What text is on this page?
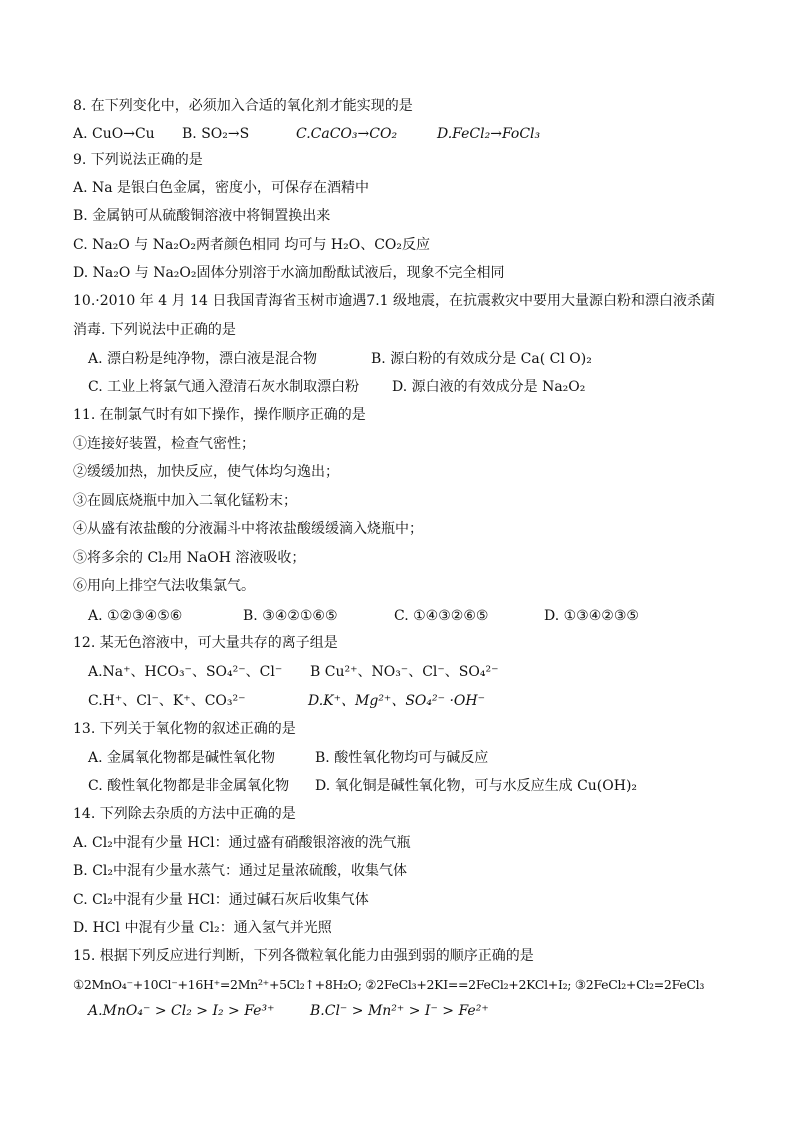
8. 在下列变化中，必须加入合适的氧化剂才能实现的是
A. CuO→Cu B. SO₂→S	C.CaCO₃→CO₂	D.FeCl₂→FoCl₃
9. 下列说法正确的是
A. Na 是银白色金属，密度小，可保存在酒精中
B. 金属钠可从硫酸铜溶液中将铜置换出来
C. Na₂O 与 Na₂O₂两者颜色相同 均可与 H₂O、CO₂反应
D. Na₂O 与 Na₂O₂固体分别溶于水滴加酚酞试液后，现象不完全相同
10.·2010 年 4 月 14 日我国青海省玉树市逾遇7.1 级地震，在抗震救灾中要用大量源白粉和漂白液杀菌
消毒. 下列说法中正确的是
A. 漂白粉是纯净物，漂白液是混合物	B. 源白粉的有效成分是 Ca( Cl O)₂
C. 工业上将氯气通入澄清石灰水制取漂白粉 D. 源白液的有效成分是 Na₂O₂
11. 在制氯气时有如下操作，操作顺序正确的是
①连接好装置，检查气密性；
②缓缓加热，加快反应，使气体均匀逸出；
③在圆底烧瓶中加入二氧化锰粉末；
④从盛有浓盐酸的分液漏斗中将浓盐酸缓缓滴入烧瓶中；
⑤将多余的 Cl₂用 NaOH 溶液吸收；
⑥用向上排空气法收集氯气。
A. ①②③④⑤⑥	B. ③④②①⑥⑤	C. ①④③②⑥⑤	D. ①③④②③⑤
12. 某无色溶液中，可大量共存的离子组是
A.Na⁺、HCO₃⁻、SO₄²⁻、Cl⁻ B Cu²⁺、NO₃⁻、Cl⁻、SO₄²⁻
C.H⁺、Cl⁻、K⁺、CO₃²⁻	D.K⁺、Mg²⁺、SO₄²⁻ ·OH⁻
13. 下列关于氧化物的叙述正确的是
A. 金属氧化物都是碱性氧化物	B. 酸性氧化物均可与碱反应
C. 酸性氧化物都是非金属氧化物 D. 氧化铜是碱性氧化物，可与水反应生成 Cu(OH)₂
14. 下列除去杂质的方法中正确的是
A. Cl₂中混有少量 HCl：通过盛有硝酸银溶液的洗气瓶
B. Cl₂中混有少量水蒸气：通过足量浓硫酸，收集气体
C. Cl₂中混有少量 HCl：通过碱石灰后收集气体
D. HCl 中混有少量 Cl₂：通入氢气并光照
15. 根据下列反应进行判断，下列各微粒氧化能力由强到弱的顺序正确的是
①2MnO₄⁻+10Cl⁻+16H⁺=2Mn²⁺+5Cl₂↑+8H₂O; ②2FeCl₃+2KI==2FeCl₂+2KCl+I₂; ③2FeCl₂+Cl₂=2FeCl₃
A.MnO₄⁻ > Cl₂ > I₂ > Fe³⁺	B.Cl⁻ > Mn²⁺ > I⁻ > Fe²⁺
